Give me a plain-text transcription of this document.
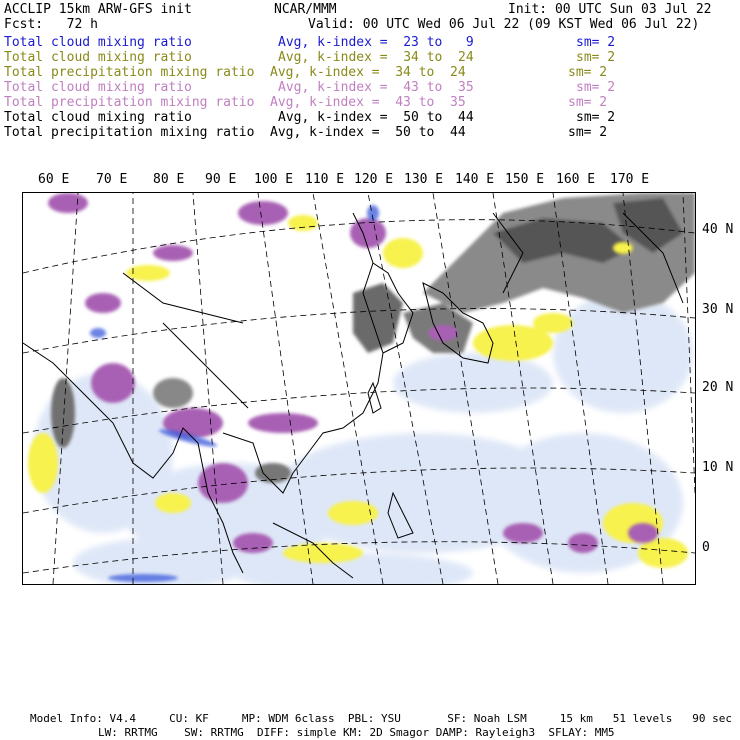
ACCLIP 15km ARW-GFS init	NCAR/MMM	Init: 00 UTC Sun 03 Jul 22
Fcst:   72 h	Valid: 00 UTC Wed 06 Jul 22 (09 KST Wed 06 Jul 22)
Total cloud mixing ratio	Avg, k-index =  23 to   9	sm= 2
Total cloud mixing ratio	Avg, k-index =  34 to  24	sm= 2
Total precipitation mixing ratio Avg, k-index =  34 to  24	sm= 2
Total cloud mixing ratio	Avg, k-index =  43 to  35	sm= 2
Total precipitation mixing ratio Avg, k-index =  43 to  35	sm= 2
Total cloud mixing ratio	Avg, k-index =  50 to  44	sm= 2
Total precipitation mixing ratio Avg, k-index =  50 to  44	sm= 2
60 E 70 E 80 E 90 E 100 E 110 E 120 E 130 E 140 E 150 E 160 E 170 E
40 N
30 N
20 N
10 N
0
Model Info: V4.4     CU: KF     MP: WDM 6class  PBL: YSU       SF: Noah LSM     15 km   51 levels   90 sec
LW: RRTMG    SW: RRTMG  DIFF: simple KM: 2D Smagor DAMP: Rayleigh3  SFLAY: MM5
